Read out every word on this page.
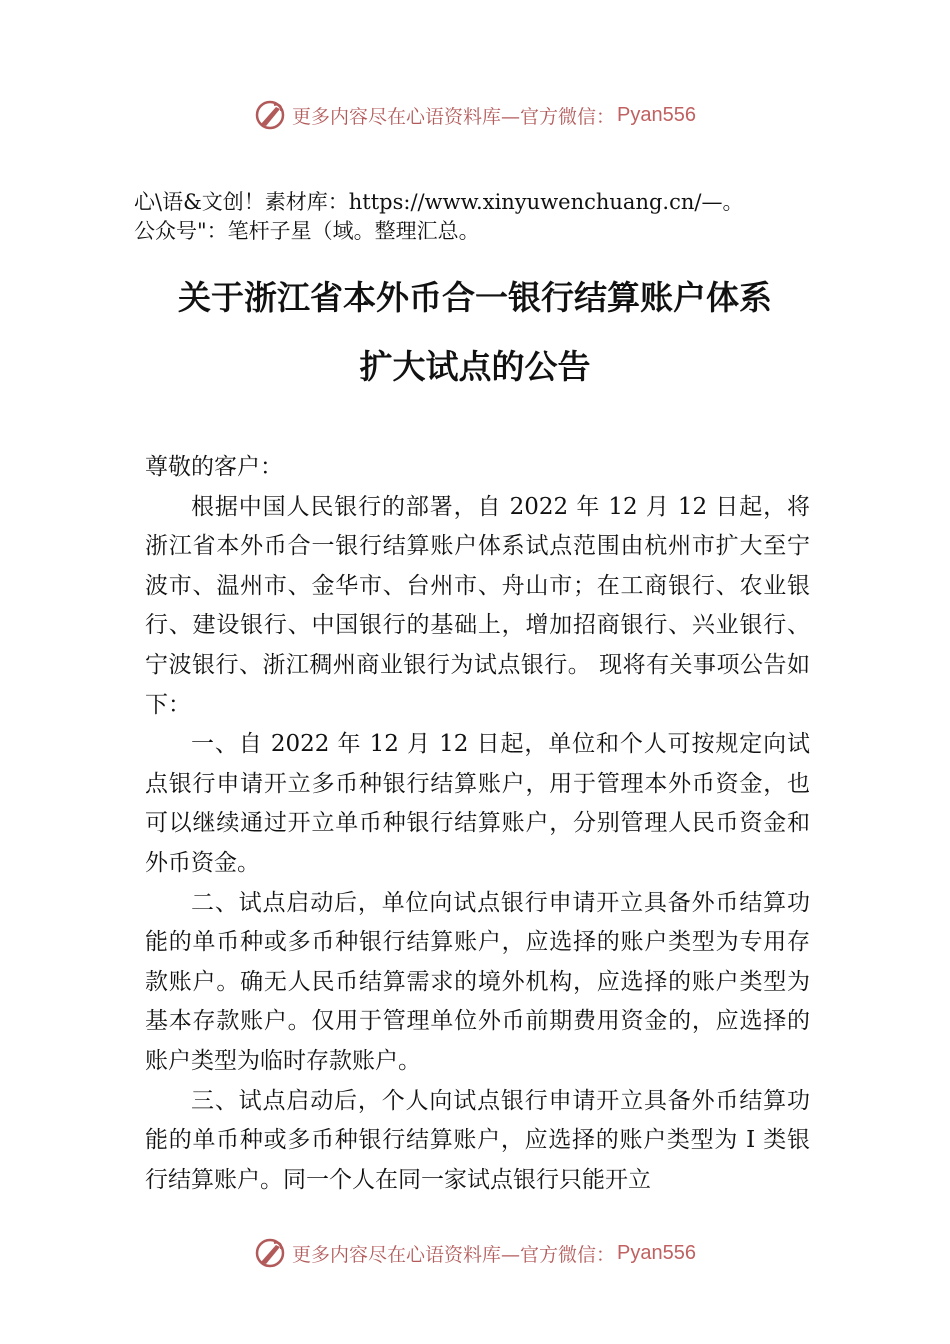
更多内容尽在心语资料库—官方微信： Pyan556
心\语&文创！素材库：https://www.xinyuwenchuang.cn/—。
公众号"：笔杆子星（域。整理汇总。
关于浙江省本外币合一银行结算账户体系
扩大试点的公告

尊敬的客户：

根据中国人民银行的部署，自 2022 年 12 月 12 日起，将浙江省本外币合一银行结算账户体系试点范围由杭州市扩大至宁波市、温州市、金华市、台州市、舟山市；在工商银行、农业银行、建设银行、中国银行的基础上，增加招商银行、兴业银行、宁波银行、浙江稠州商业银行为试点银行。 现将有关事项公告如下：

一、自 2022 年 12 月 12 日起，单位和个人可按规定向试点银行申请开立多币种银行结算账户，用于管理本外币资金，也可以继续通过开立单币种银行结算账户，分别管理人民币资金和外币资金。

二、试点启动后，单位向试点银行申请开立具备外币结算功能的单币种或多币种银行结算账户，应选择的账户类型为专用存款账户。确无人民币结算需求的境外机构，应选择的账户类型为基本存款账户。仅用于管理单位外币前期费用资金的，应选择的账户类型为临时存款账户。

三、试点启动后，个人向试点银行申请开立具备外币结算功能的单币种或多币种银行结算账户，应选择的账户类型为 I 类银行结算账户。同一个人在同一家试点银行只能开立

更多内容尽在心语资料库—官方微信： Pyan556
